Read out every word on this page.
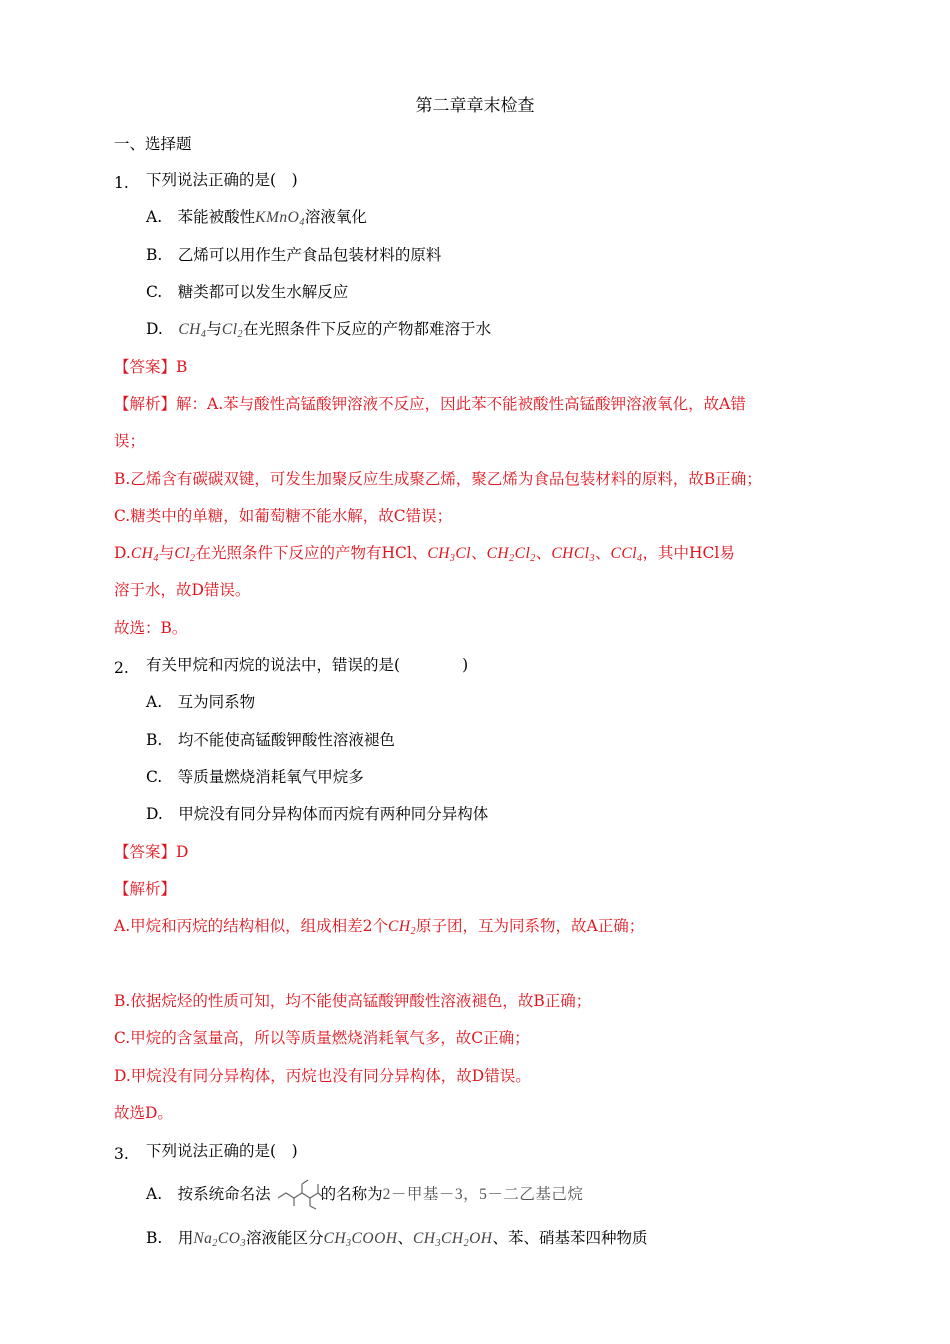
第二章章末检查
一、选择题
1. 下列说法正确的是(　)
A.　苯能被酸性KMnO$_4$溶液氧化
B.　乙烯可以用作生产食品包装材料的原料
C.　糖类都可以发生水解反应
D.　$CH_4$与$Cl_2$在光照条件下反应的产物都难溶于水
【答案】B
【解析】解：A.苯与酸性高锰酸钾溶液不反应，因此苯不能被酸性高锰酸钾溶液氧化，故A错
误；
B.乙烯含有碳碳双键，可发生加聚反应生成聚乙烯，聚乙烯为食品包装材料的原料，故B正确；
C.糖类中的单糖，如葡萄糖不能水解，故C错误；
$D.CH_4$与$Cl_2$在光照条件下反应的产物有HCl、$CH_3Cl$、$CH_2Cl_2$、CHCl$_3$、CCl$_4$，其中HCl易
溶于水，故D错误。
故选：B。
2. 有关甲烷和丙烷的说法中，错误的是(　　　　)
A.　互为同系物
B.　均不能使高锰酸钾酸性溶液褪色
C.　等质量燃烧消耗氧气甲烷多
D.　甲烷没有同分异构体而丙烷有两种同分异构体
【答案】D
【解析】
A.甲烷和丙烷的结构相似，组成相差2个$CH_2$原子团，互为同系物，故A正确；
B.依据烷烃的性质可知，均不能使高锰酸钾酸性溶液褪色，故B正确；
C.甲烷的含氢量高，所以等质量燃烧消耗氧气多，故C正确；
D.甲烷没有同分异构体，丙烷也没有同分异构体，故D错误。
故选D。
3. 下列说法正确的是(　)
A.　按系统命名法	的名称为2－甲基－3，5－二乙基己烷
B.　用$Na_2CO_3$溶液能区分$CH_3COOH$、$CH_3CH_2OH$、苯、硝基苯四种物质
